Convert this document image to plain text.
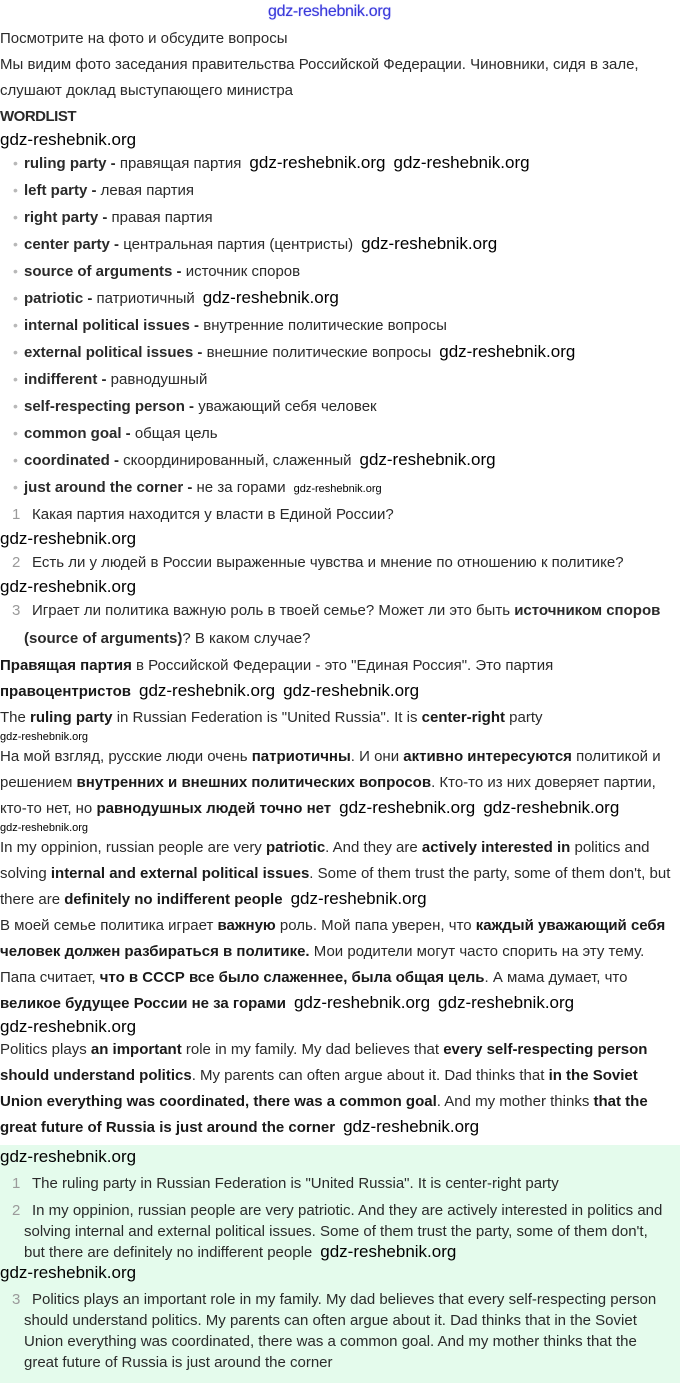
gdz-reshebnik.org
Посмотрите на фото и обсудите вопросы
Мы видим фото заседания правительства Российской Федерации. Чиновники, сидя в зале, слушают доклад выступающего министра
WORDLIST
gdz-reshebnik.org
• ruling party - правящая партия gdz-reshebnik.org gdz-reshebnik.org
• left party - левая партия
• right party - правая партия
• center party - центральная партия (центристы) gdz-reshebnik.org
• source of arguments - источник споров
• patriotic - патриотичный gdz-reshebnik.org
• internal political issues - внутренние политические вопросы
• external political issues - внешние политические вопросы gdz-reshebnik.org
• indifferent - равнодушный
• self-respecting person - уважающий себя человек
• common goal - общая цель
• coordinated - скоординированный, слаженный gdz-reshebnik.org
• just around the corner - не за горами gdz-reshebnik.org
1 Какая партия находится у власти в Единой России?
gdz-reshebnik.org
2 Есть ли у людей в России выраженные чувства и мнение по отношению к политике?
gdz-reshebnik.org
3 Играет ли политика важную роль в твоей семье? Может ли это быть источником споров (source of arguments)? В каком случае?
Правящая партия в Российской Федерации - это "Единая Россия". Это партия правоцентристов gdz-reshebnik.org gdz-reshebnik.org
The ruling party in Russian Federation is "United Russia". It is center-right party
gdz-reshebnik.org
На мой взгляд, русские люди очень патриотичны. И они активно интересуются политикой и решением внутренних и внешних политических вопросов. Кто-то из них доверяет партии, кто-то нет, но равнодушных людей точно нет gdz-reshebnik.org gdz-reshebnik.org
gdz-reshebnik.org
In my oppinion, russian people are very patriotic. And they are actively interested in politics and solving internal and external political issues. Some of them trust the party, some of them don't, but there are definitely no indifferent people gdz-reshebnik.org
В моей семье политика играет важную роль. Мой папа уверен, что каждый уважающий себя человек должен разбираться в политике. Мои родители могут часто спорить на эту тему. Папа считает, что в СССР все было слаженнее, была общая цель. А мама думает, что великое будущее России не за горами gdz-reshebnik.org gdz-reshebnik.org
gdz-reshebnik.org
Politics plays an important role in my family. My dad believes that every self-respecting person should understand politics. My parents can often argue about it. Dad thinks that in the Soviet Union everything was coordinated, there was a common goal. And my mother thinks that the great future of Russia is just around the corner gdz-reshebnik.org
gdz-reshebnik.org
1 The ruling party in Russian Federation is "United Russia". It is center-right party
2 In my oppinion, russian people are very patriotic. And they are actively interested in politics and solving internal and external political issues. Some of them trust the party, some of them don't, but there are definitely no indifferent people gdz-reshebnik.org
gdz-reshebnik.org
3 Politics plays an important role in my family. My dad believes that every self-respecting person should understand politics. My parents can often argue about it. Dad thinks that in the Soviet Union everything was coordinated, there was a common goal. And my mother thinks that the great future of Russia is just around the corner
